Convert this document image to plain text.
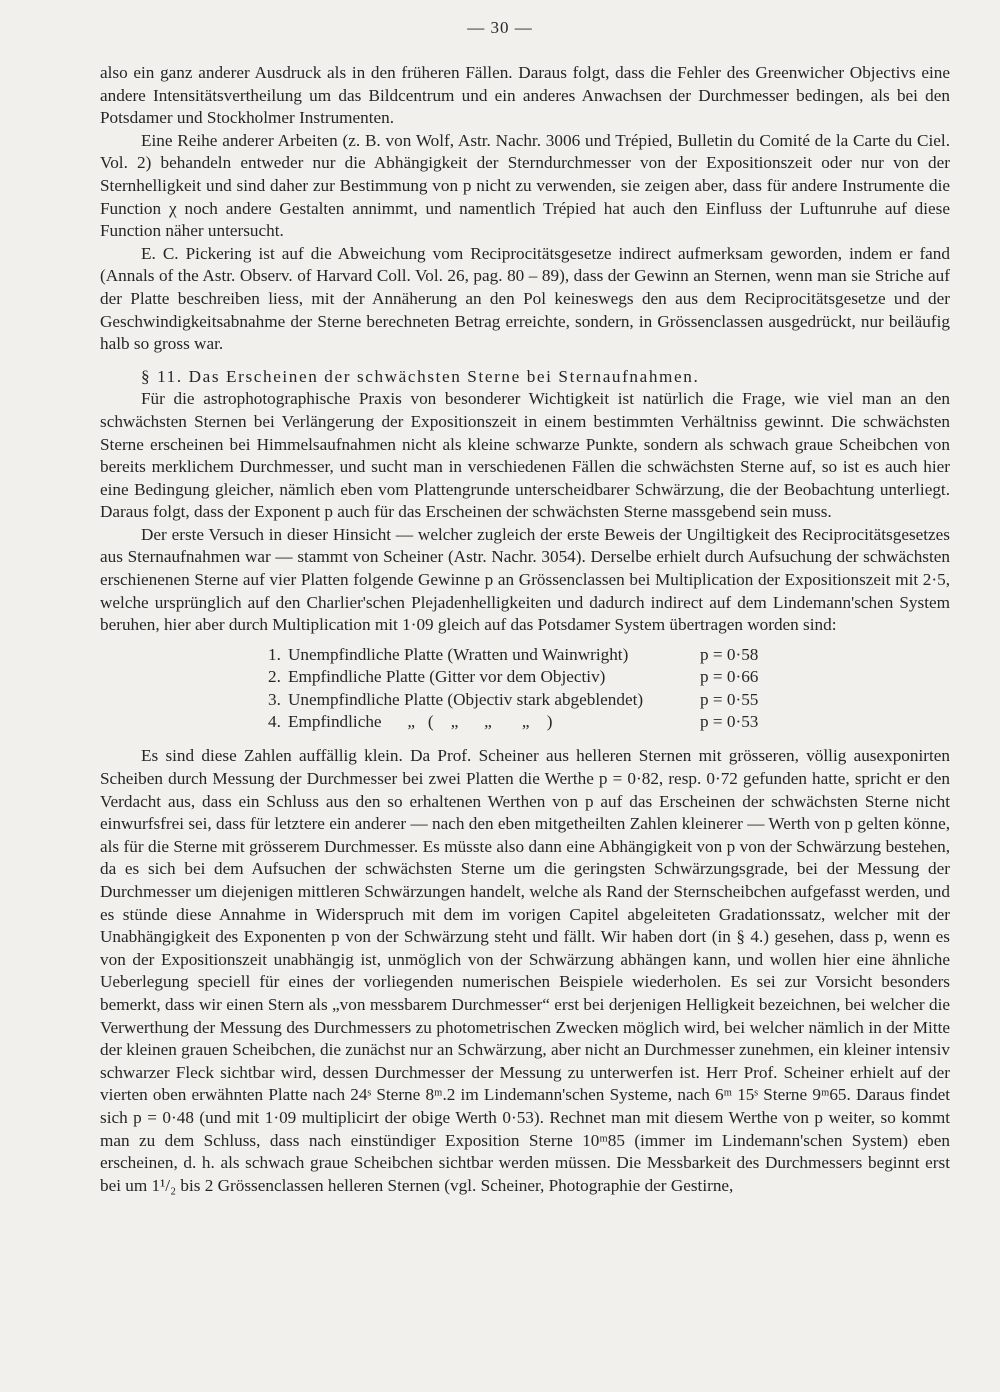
— 30 —

also ein ganz anderer Ausdruck als in den früheren Fällen. Daraus folgt, dass die Fehler des Greenwicher Objectivs eine andere Intensitätsvertheilung um das Bildcentrum und ein anderes Anwachsen der Durchmesser bedingen, als bei den Potsdamer und Stockholmer Instrumenten.

Eine Reihe anderer Arbeiten (z. B. von Wolf, Astr. Nachr. 3006 und Trépied, Bulletin du Comité de la Carte du Ciel. Vol. 2) behandeln entweder nur die Abhängigkeit der Sterndurchmesser von der Expositionszeit oder nur von der Sternhelligkeit und sind daher zur Bestimmung von p nicht zu verwenden, sie zeigen aber, dass für andere Instrumente die Function χ noch andere Gestalten annimmt, und namentlich Trépied hat auch den Einfluss der Luftunruhe auf diese Function näher untersucht.

E. C. Pickering ist auf die Abweichung vom Reciprocitätsgesetze indirect aufmerksam geworden, indem er fand (Annals of the Astr. Observ. of Harvard Coll. Vol. 26, pag. 80 – 89), dass der Gewinn an Sternen, wenn man sie Striche auf der Platte beschreiben liess, mit der Annäherung an den Pol keineswegs den aus dem Reciprocitätsgesetze und der Geschwindigkeitsabnahme der Sterne berechneten Betrag erreichte, sondern, in Grössenclassen ausgedrückt, nur beiläufig halb so gross war.

§ 11. Das Erscheinen der schwächsten Sterne bei Sternaufnahmen.

Für die astrophotographische Praxis von besonderer Wichtigkeit ist natürlich die Frage, wie viel man an den schwächsten Sternen bei Verlängerung der Expositionszeit in einem bestimmten Verhältniss gewinnt. Die schwächsten Sterne erscheinen bei Himmelsaufnahmen nicht als kleine schwarze Punkte, sondern als schwach graue Scheibchen von bereits merklichem Durchmesser, und sucht man in verschiedenen Fällen die schwächsten Sterne auf, so ist es auch hier eine Bedingung gleicher, nämlich eben vom Plattengrunde unterscheidbarer Schwärzung, die der Beobachtung unterliegt. Daraus folgt, dass der Exponent p auch für das Erscheinen der schwächsten Sterne massgebend sein muss.

Der erste Versuch in dieser Hinsicht — welcher zugleich der erste Beweis der Ungiltigkeit des Reciprocitätsgesetzes aus Sternaufnahmen war — stammt von Scheiner (Astr. Nachr. 3054). Derselbe erhielt durch Aufsuchung der schwächsten erschienenen Sterne auf vier Platten folgende Gewinne p an Grössenclassen bei Multiplication der Expositionszeit mit 2·5, welche ursprünglich auf den Charlier'schen Plejadenhelligkeiten und dadurch indirect auf dem Lindemann'schen System beruhen, hier aber durch Multiplication mit 1·09 gleich auf das Potsdamer System übertragen worden sind:

1. Unempfindliche Platte (Wratten und Wainwright)	p = 0·58
2. Empfindliche Platte (Gitter vor dem Objectiv)	p = 0·66
3. Unempfindliche Platte (Objectiv stark abgeblendet)	p = 0·55
4. Empfindliche      „   (    „      „       „    )	p = 0·53

Es sind diese Zahlen auffällig klein. Da Prof. Scheiner aus helleren Sternen mit grösseren, völlig ausexponirten Scheiben durch Messung der Durchmesser bei zwei Platten die Werthe p = 0·82, resp. 0·72 gefunden hatte, spricht er den Verdacht aus, dass ein Schluss aus den so erhaltenen Werthen von p auf das Erscheinen der schwächsten Sterne nicht einwurfsfrei sei, dass für letztere ein anderer — nach den eben mitgetheilten Zahlen kleinerer — Werth von p gelten könne, als für die Sterne mit grösserem Durchmesser. Es müsste also dann eine Abhängigkeit von p von der Schwärzung bestehen, da es sich bei dem Aufsuchen der schwächsten Sterne um die geringsten Schwärzungsgrade, bei der Messung der Durchmesser um diejenigen mittleren Schwärzungen handelt, welche als Rand der Sternscheibchen aufgefasst werden, und es stünde diese Annahme in Widerspruch mit dem im vorigen Capitel abgeleiteten Gradationssatz, welcher mit der Unabhängigkeit des Exponenten p von der Schwärzung steht und fällt. Wir haben dort (in § 4.) gesehen, dass p, wenn es von der Expositionszeit unabhängig ist, unmöglich von der Schwärzung abhängen kann, und wollen hier eine ähnliche Ueberlegung speciell für eines der vorliegenden numerischen Beispiele wiederholen. Es sei zur Vorsicht besonders bemerkt, dass wir einen Stern als „von messbarem Durchmesser“ erst bei derjenigen Helligkeit bezeichnen, bei welcher die Verwerthung der Messung des Durchmessers zu photometrischen Zwecken möglich wird, bei welcher nämlich in der Mitte der kleinen grauen Scheibchen, die zunächst nur an Schwärzung, aber nicht an Durchmesser zunehmen, ein kleiner intensiv schwarzer Fleck sichtbar wird, dessen Durchmesser der Messung zu unterwerfen ist. Herr Prof. Scheiner erhielt auf der vierten oben erwähnten Platte nach 24ˢ Sterne 8ᵐ.2 im Lindemann'schen Systeme, nach 6ᵐ 15ˢ Sterne 9ᵐ65. Daraus findet sich p = 0·48 (und mit 1·09 multiplicirt der obige Werth 0·53). Rechnet man mit diesem Werthe von p weiter, so kommt man zu dem Schluss, dass nach einstündiger Exposition Sterne 10ᵐ85 (immer im Lindemann'schen System) eben erscheinen, d. h. als schwach graue Scheibchen sichtbar werden müssen. Die Messbarkeit des Durchmessers beginnt erst bei um 1¹/₂ bis 2 Grössenclassen helleren Sternen (vgl. Scheiner, Photographie der Gestirne,
